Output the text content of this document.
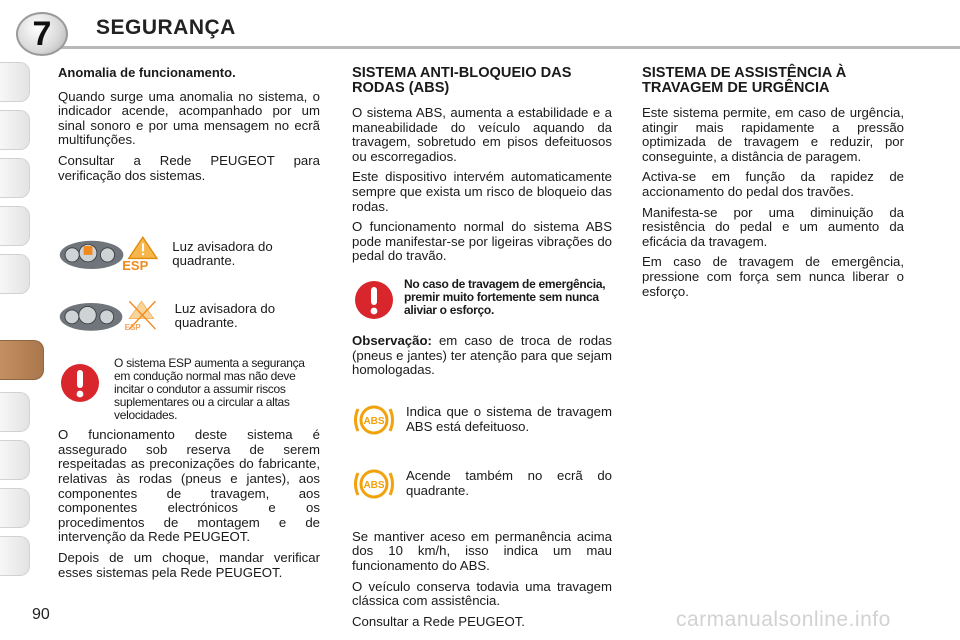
7	SEGURANÇA
Anomalia de funcionamento.

Quando surge uma anomalia no sistema, o indicador acende, acompanhado por um sinal sonoro e por uma mensagem no ecrã multifunções.

Consultar a Rede PEUGEOT para verificação dos sistemas.

ESP
Luz avisadora do quadrante.
ESP
Luz avisadora do quadrante.
O sistema ESP aumenta a segurança em condução normal mas não deve incitar o condutor a assumir riscos suplementares ou a circular a altas velocidades.

O funcionamento deste sistema é assegurado sob reserva de serem respeitadas as preconizações do fabricante, relativas às rodas (pneus e jantes), aos componentes de travagem, aos componentes electrónicos e os procedimentos de montagem e de intervenção da Rede PEUGEOT.

Depois de um choque, mandar verificar esses sistemas pela Rede PEUGEOT.

SISTEMA ANTI-BLOQUEIO DAS RODAS (ABS)

O sistema ABS, aumenta a estabilidade e a maneabilidade do veículo aquando da travagem, sobretudo em pisos defeituosos ou escorregadios.

Este dispositivo intervém automaticamente sempre que exista um risco de bloqueio das rodas.

O funcionamento normal do sistema ABS pode manifestar-se por ligeiras vibrações do pedal do travão.

No caso de travagem de emergência, premir muito fortemente sem nunca aliviar o esforço.

Observação: em caso de troca de rodas (pneus e jantes) ter atenção para que sejam homologadas.

ABS
Indica que o sistema de travagem ABS está defeituoso.
ABS
Acende também no ecrã do quadrante.

Se mantiver aceso em permanência acima dos 10 km/h, isso indica um mau funcionamento do ABS.

O veículo conserva todavia uma travagem clássica com assistência.

Consultar a Rede PEUGEOT.

SISTEMA DE ASSISTÊNCIA À TRAVAGEM DE URGÊNCIA

Este sistema permite, em caso de urgência, atingir mais rapidamente a pressão optimizada de travagem e reduzir, por conseguinte, a distância de paragem.

Activa-se em função da rapidez de accionamento do pedal dos travões.

Manifesta-se por uma diminuição da resistência do pedal e um aumento da eficácia da travagem.

Em caso de travagem de emergência, pressione com força sem nunca liberar o esforço.

90	carmanualsonline.info
